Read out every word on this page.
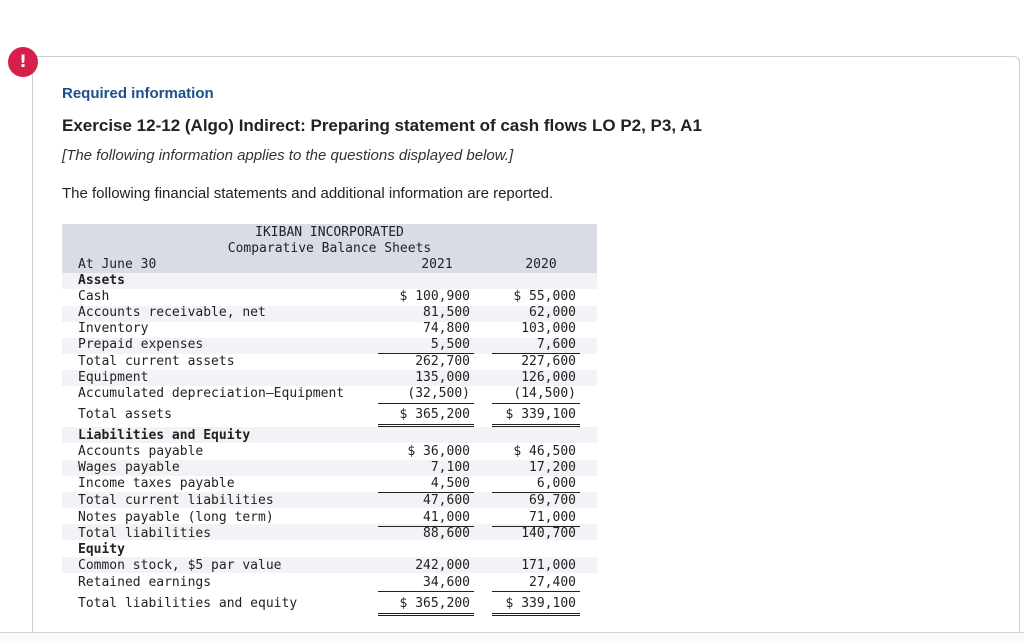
!
Required information
Exercise 12-12 (Algo) Indirect: Preparing statement of cash flows LO P2, P3, A1
[The following information applies to the questions displayed below.]
The following financial statements and additional information are reported.
IKIBAN INCORPORATED
Comparative Balance Sheets
At June 30	2021	2020
Assets
Cash	$ 100,900	$ 55,000
Accounts receivable, net	81,500	62,000
Inventory	74,800	103,000
Prepaid expenses	5,500	7,600
Total current assets	262,700	227,600
Equipment	135,000	126,000
Accumulated depreciation—Equipment	(32,500)	(14,500)
Total assets	$ 365,200	$ 339,100
Liabilities and Equity
Accounts payable	$ 36,000	$ 46,500
Wages payable	7,100	17,200
Income taxes payable	4,500	6,000
Total current liabilities	47,600	69,700
Notes payable (long term)	41,000	71,000
Total liabilities	88,600	140,700
Equity
Common stock, $5 par value	242,000	171,000
Retained earnings	34,600	27,400
Total liabilities and equity	$ 365,200	$ 339,100
